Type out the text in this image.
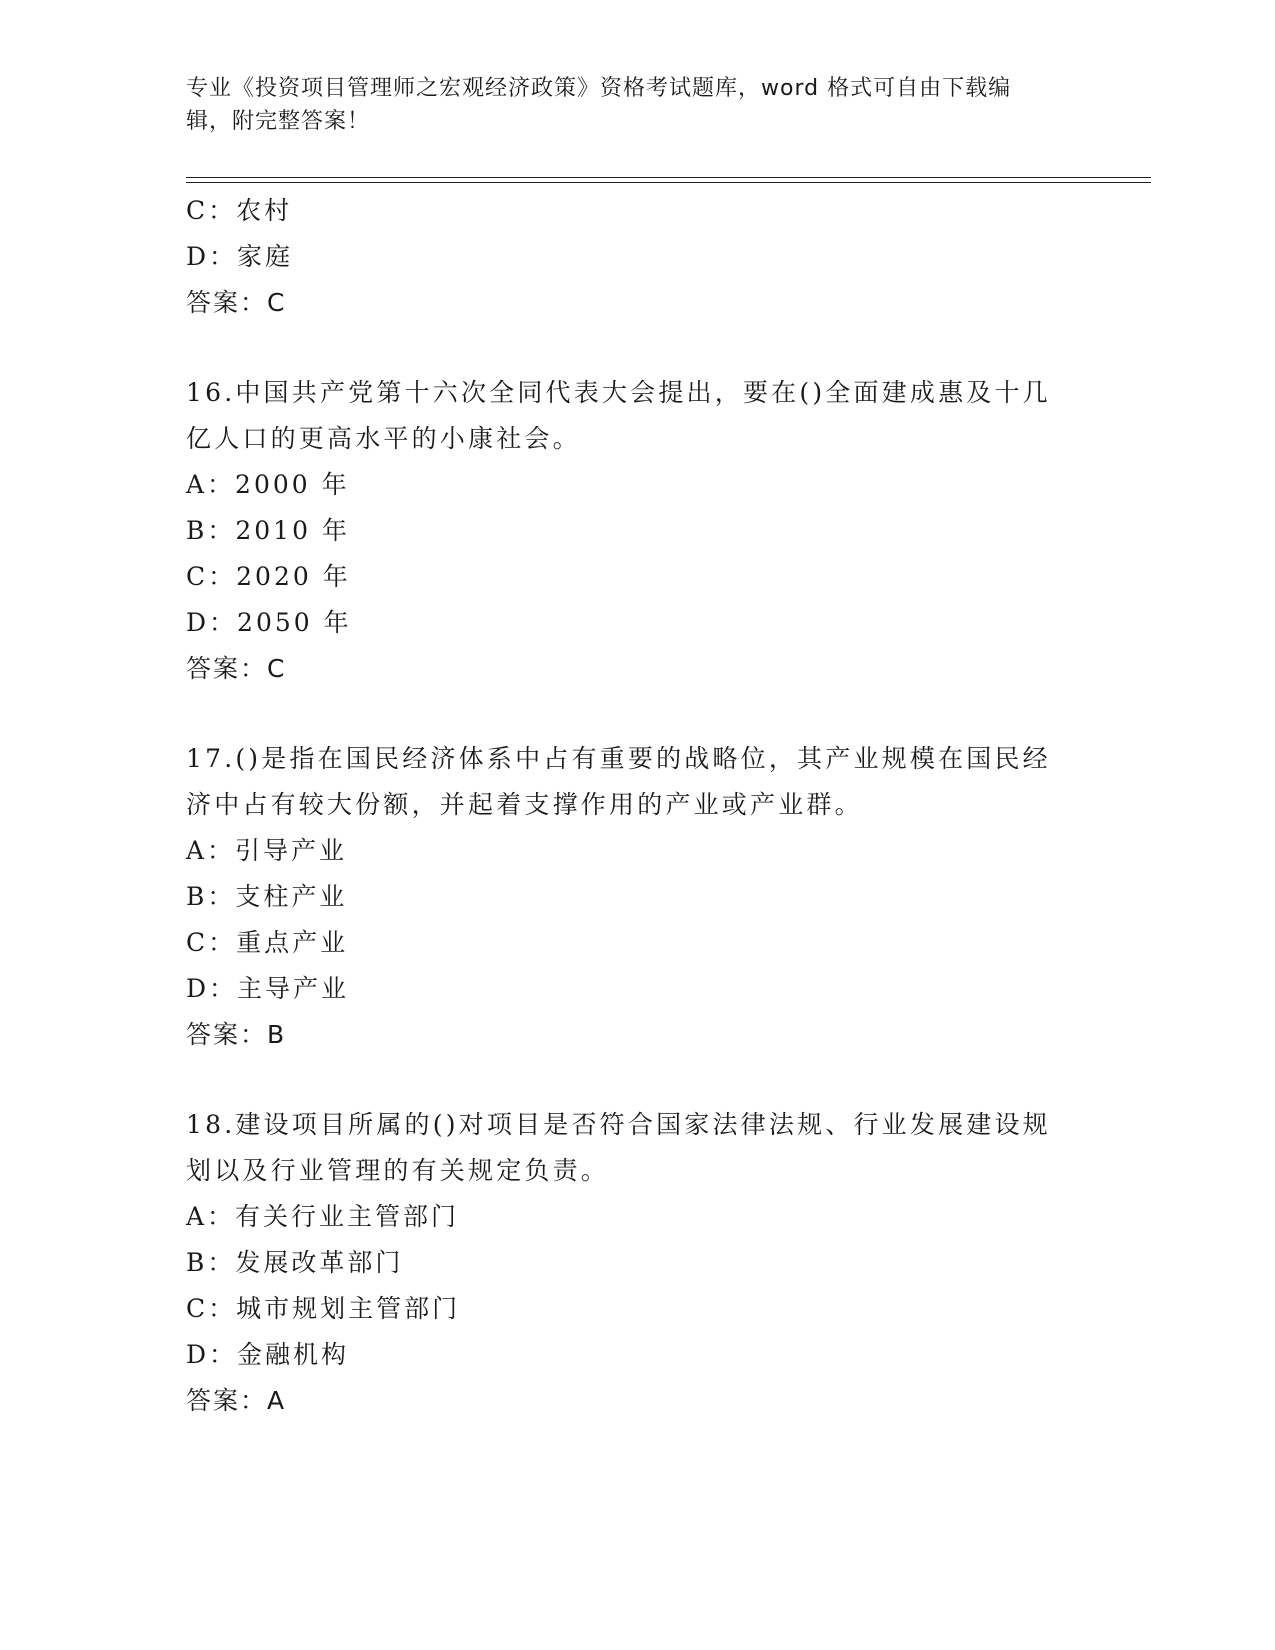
专业《投资项目管理师之宏观经济政策》资格考试题库，word 格式可自由下载编
辑，附完整答案！
C：农村
D：家庭
答案：C
16.中国共产党第十六次全同代表大会提出，要在()全面建成惠及十几
亿人口的更高水平的小康社会。
A：2000 年
B：2010 年
C：2020 年
D：2050 年
答案：C
17.()是指在国民经济体系中占有重要的战略位，其产业规模在国民经
济中占有较大份额，并起着支撑作用的产业或产业群。
A：引导产业
B：支柱产业
C：重点产业
D：主导产业
答案：B
18.建设项目所属的()对项目是否符合国家法律法规、行业发展建设规
划以及行业管理的有关规定负责。
A：有关行业主管部门
B：发展改革部门
C：城市规划主管部门
D：金融机构
答案：A
